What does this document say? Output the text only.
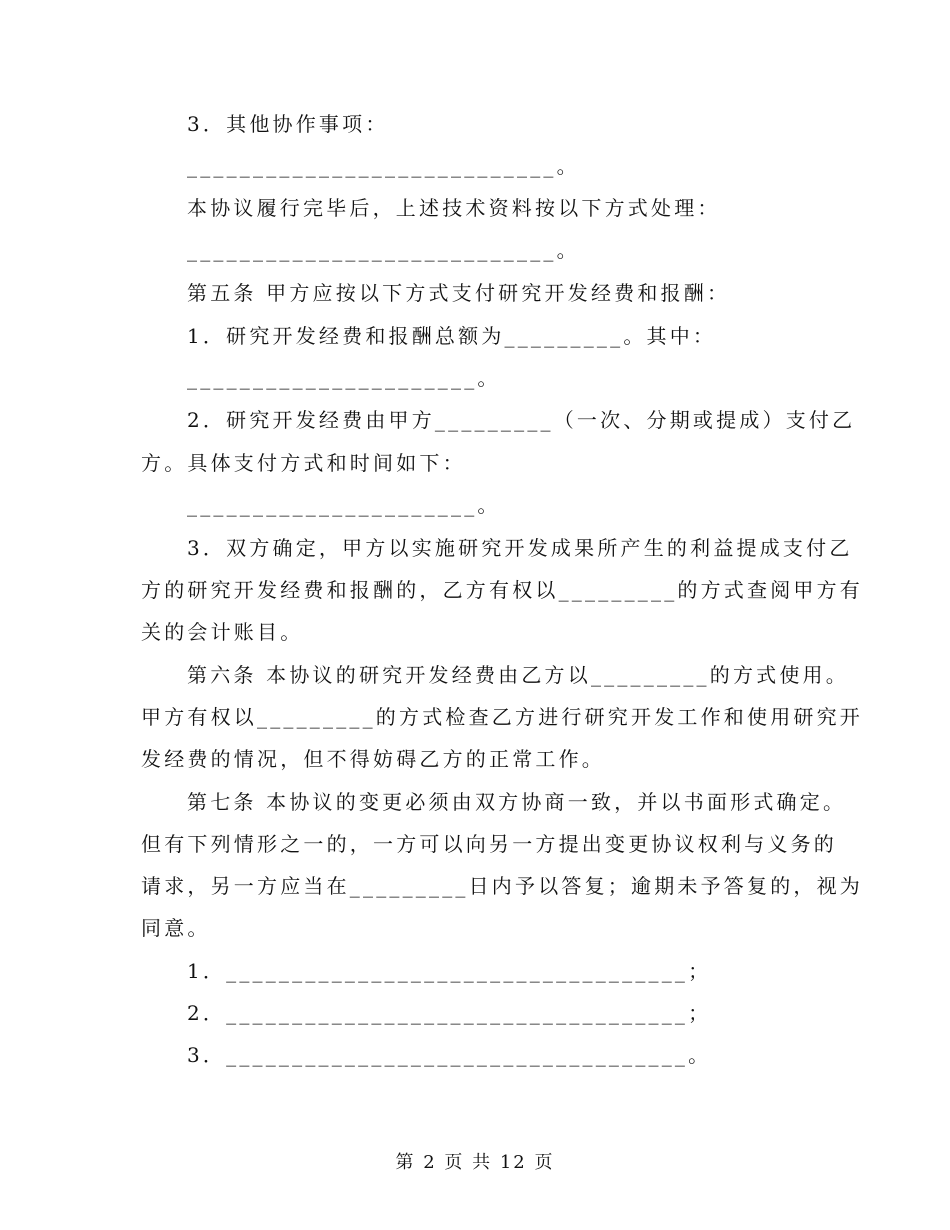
3．其他协作事项：
____________________________。
本协议履行完毕后，上述技术资料按以下方式处理：
____________________________。
第五条 甲方应按以下方式支付研究开发经费和报酬：
1．研究开发经费和报酬总额为_________。其中：
______________________。
2．研究开发经费由甲方_________（一次、分期或提成）支付乙
方。具体支付方式和时间如下：
______________________。
3．双方确定，甲方以实施研究开发成果所产生的利益提成支付乙
方的研究开发经费和报酬的，乙方有权以_________的方式查阅甲方有
关的会计账目。
第六条 本协议的研究开发经费由乙方以_________的方式使用。
甲方有权以_________的方式检查乙方进行研究开发工作和使用研究开
发经费的情况，但不得妨碍乙方的正常工作。
第七条 本协议的变更必须由双方协商一致，并以书面形式确定。
但有下列情形之一的，一方可以向另一方提出变更协议权利与义务的
请求，另一方应当在_________日内予以答复；逾期未予答复的，视为
同意。
1．___________________________________；
2．___________________________________；
3．___________________________________。
第 2 页 共 12 页
